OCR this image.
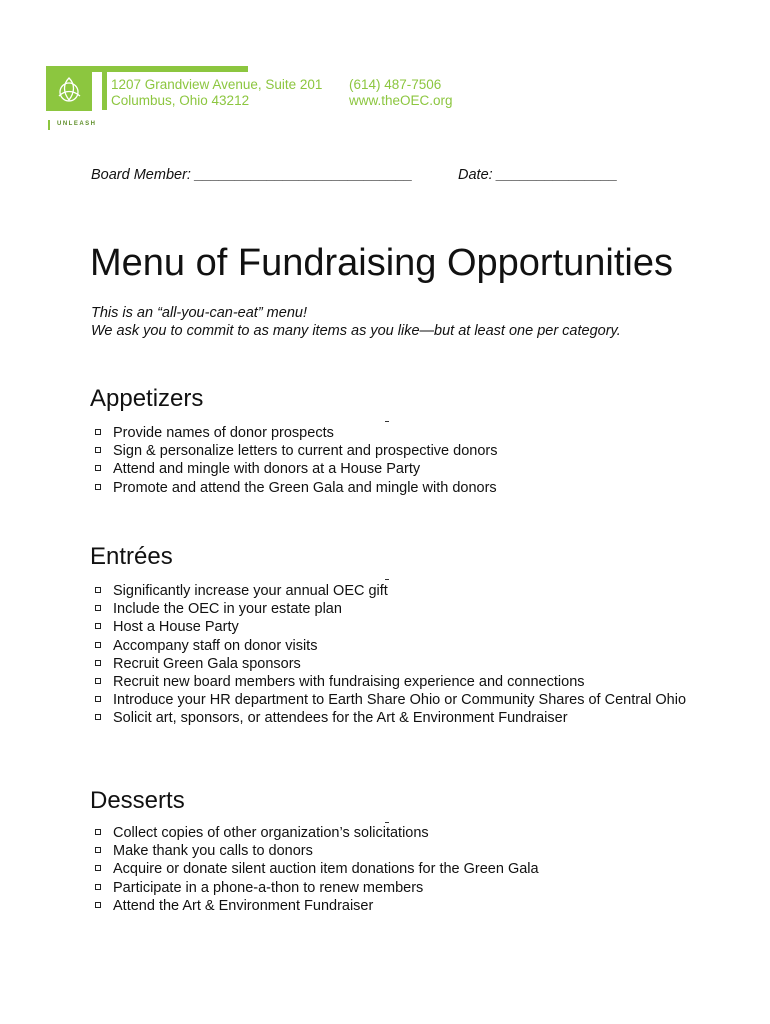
UNLEASH
1207 Grandview Avenue, Suite 201
Columbus, Ohio 43212
(614) 487-7506
www.theOEC.org
Board Member: ___________________________	Date: _______________
Menu of Fundraising Opportunities
This is an “all-you-can-eat” menu!
We ask you to commit to as many items as you like—but at least one per category.
Appetizers
Provide names of donor prospects
Sign & personalize letters to current and prospective donors
Attend and mingle with donors at a House Party
Promote and attend the Green Gala and mingle with donors
Entrées
Significantly increase your annual OEC gift
Include the OEC in your estate plan
Host a House Party
Accompany staff on donor visits
Recruit Green Gala sponsors
Recruit new board members with fundraising experience and connections
Introduce your HR department to Earth Share Ohio or Community Shares of Central Ohio
Solicit art, sponsors, or attendees for the Art & Environment Fundraiser
Desserts
Collect copies of other organization’s solicitations
Make thank you calls to donors
Acquire or donate silent auction item donations for the Green Gala
Participate in a phone-a-thon to renew members
Attend the Art & Environment Fundraiser
